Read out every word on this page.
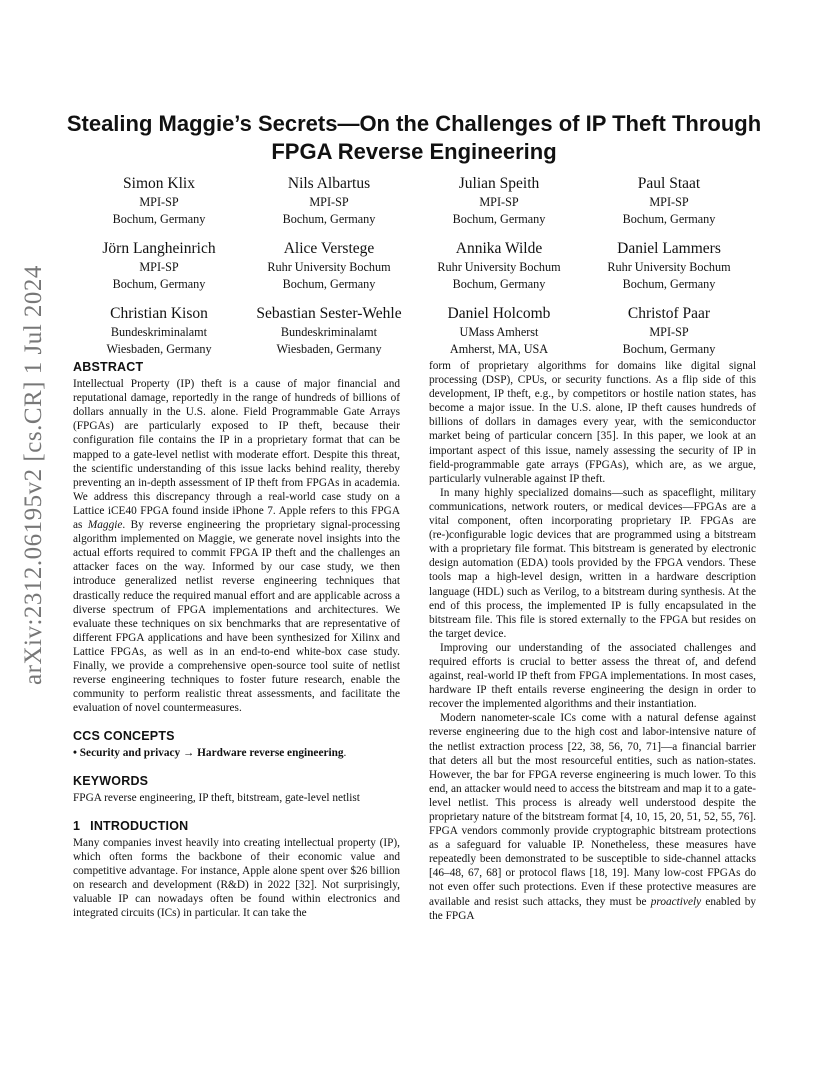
arXiv:2312.06195v2 [cs.CR] 1 Jul 2024
Stealing Maggie’s Secrets—On the Challenges of IP Theft Through FPGA Reverse Engineering
Simon Klix
MPI-SP
Bochum, Germany
Nils Albartus
MPI-SP
Bochum, Germany
Julian Speith
MPI-SP
Bochum, Germany
Paul Staat
MPI-SP
Bochum, Germany
Jörn Langheinrich
MPI-SP
Bochum, Germany
Alice Verstege
Ruhr University Bochum
Bochum, Germany
Annika Wilde
Ruhr University Bochum
Bochum, Germany
Daniel Lammers
Ruhr University Bochum
Bochum, Germany
Christian Kison
Bundeskriminalamt
Wiesbaden, Germany
Sebastian Sester-Wehle
Bundeskriminalamt
Wiesbaden, Germany
Daniel Holcomb
UMass Amherst
Amherst, MA, USA
Christof Paar
MPI-SP
Bochum, Germany
ABSTRACT

Intellectual Property (IP) theft is a cause of major financial and reputational damage, reportedly in the range of hundreds of billions of dollars annually in the U.S. alone. Field Programmable Gate Arrays (FPGAs) are particularly exposed to IP theft, because their configuration file contains the IP in a proprietary format that can be mapped to a gate-level netlist with moderate effort. Despite this threat, the scientific understanding of this issue lacks behind reality, thereby preventing an in-depth assessment of IP theft from FPGAs in academia. We address this discrepancy through a real-world case study on a Lattice iCE40 FPGA found inside iPhone 7. Apple refers to this FPGA as Maggie. By reverse engineering the proprietary signal-processing algorithm implemented on Maggie, we generate novel insights into the actual efforts required to commit FPGA IP theft and the challenges an attacker faces on the way. Informed by our case study, we then introduce generalized netlist reverse engineering techniques that drastically reduce the required manual effort and are applicable across a diverse spectrum of FPGA implementations and architectures. We evaluate these techniques on six benchmarks that are representative of different FPGA applications and have been synthesized for Xilinx and Lattice FPGAs, as well as in an end-to-end white-box case study. Finally, we provide a comprehensive open-source tool suite of netlist reverse engineering techniques to foster future research, enable the community to perform realistic threat assessments, and facilitate the evaluation of novel countermeasures.

CCS CONCEPTS

• Security and privacy → Hardware reverse engineering.

KEYWORDS

FPGA reverse engineering, IP theft, bitstream, gate-level netlist

1 INTRODUCTION

Many companies invest heavily into creating intellectual property (IP), which often forms the backbone of their economic value and competitive advantage. For instance, Apple alone spent over $26 billion on research and development (R&D) in 2022 [32]. Not surprisingly, valuable IP can nowadays often be found within electronics and integrated circuits (ICs) in particular. It can take the

form of proprietary algorithms for domains like digital signal processing (DSP), CPUs, or security functions. As a flip side of this development, IP theft, e.g., by competitors or hostile nation states, has become a major issue. In the U.S. alone, IP theft causes hundreds of billions of dollars in damages every year, with the semiconductor market being of particular concern [35]. In this paper, we look at an important aspect of this issue, namely assessing the security of IP in field-programmable gate arrays (FPGAs), which are, as we argue, particularly vulnerable against IP theft.

In many highly specialized domains—such as spaceflight, military communications, network routers, or medical devices—FPGAs are a vital component, often incorporating proprietary IP. FPGAs are (re-)configurable logic devices that are programmed using a bitstream with a proprietary file format. This bitstream is generated by electronic design automation (EDA) tools provided by the FPGA vendors. These tools map a high-level design, written in a hardware description language (HDL) such as Verilog, to a bitstream during synthesis. At the end of this process, the implemented IP is fully encapsulated in the bitstream file. This file is stored externally to the FPGA but resides on the target device.

Improving our understanding of the associated challenges and required efforts is crucial to better assess the threat of, and defend against, real-world IP theft from FPGA implementations. In most cases, hardware IP theft entails reverse engineering the design in order to recover the implemented algorithms and their instantiation.

Modern nanometer-scale ICs come with a natural defense against reverse engineering due to the high cost and labor-intensive nature of the netlist extraction process [22, 38, 56, 70, 71]—a financial barrier that deters all but the most resourceful entities, such as nation-states. However, the bar for FPGA reverse engineering is much lower. To this end, an attacker would need to access the bitstream and map it to a gate-level netlist. This process is already well understood despite the proprietary nature of the bitstream format [4, 10, 15, 20, 51, 52, 55, 76]. FPGA vendors commonly provide cryptographic bitstream protections as a safeguard for valuable IP. Nonetheless, these measures have repeatedly been demonstrated to be susceptible to side-channel attacks [46–48, 67, 68] or protocol flaws [18, 19]. Many low-cost FPGAs do not even offer such protections. Even if these protective measures are available and resist such attacks, they must be proactively enabled by the FPGA
